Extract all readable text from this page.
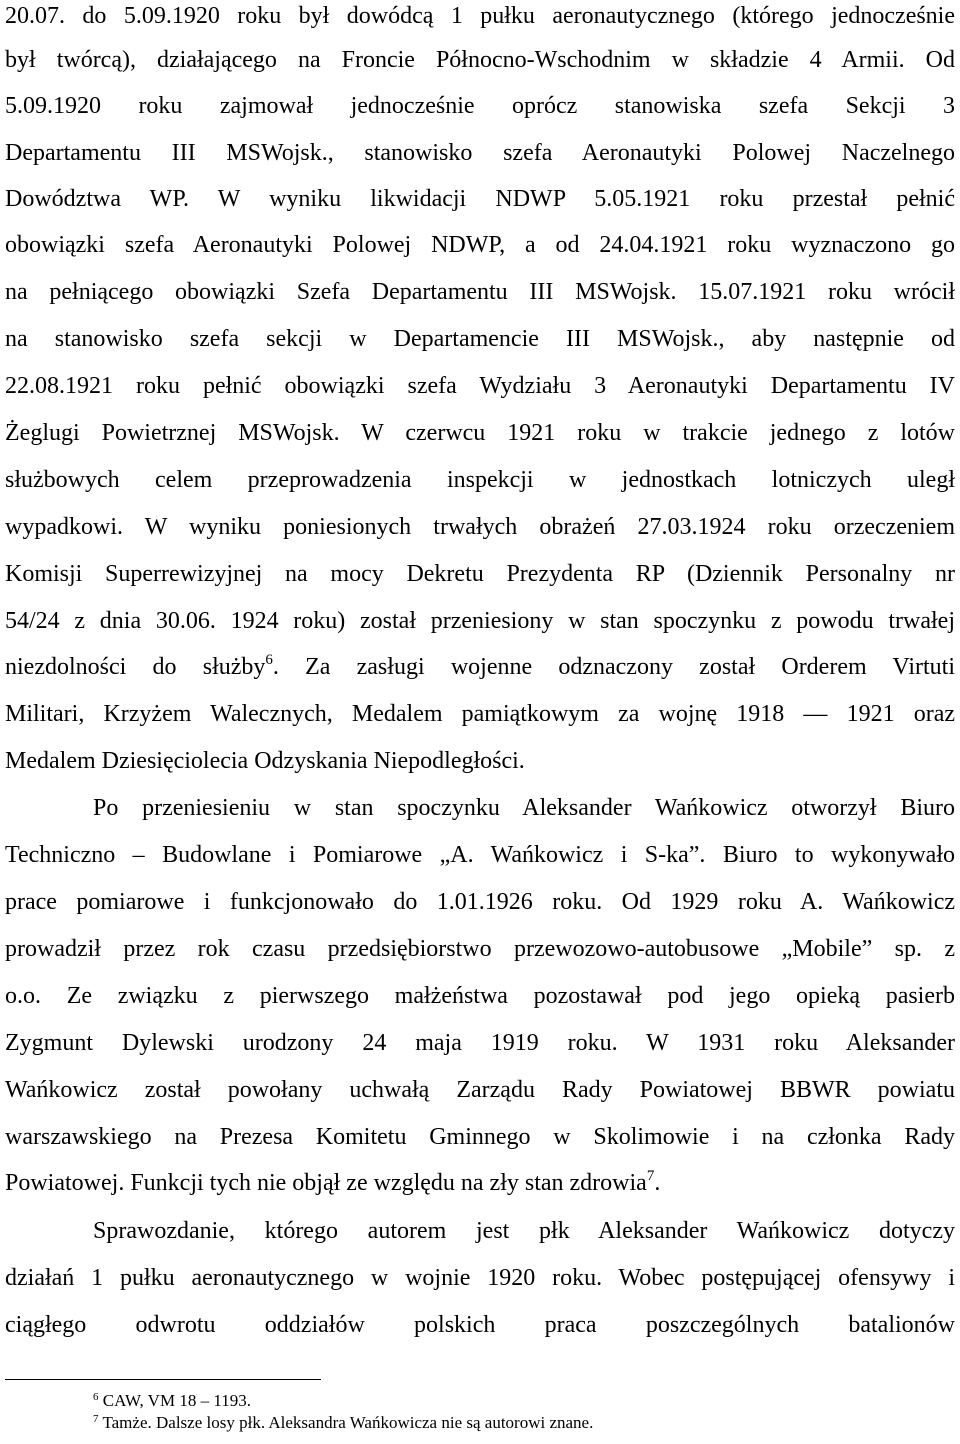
20.07. do 5.09.1920 roku był dowódcą 1 pułku aeronautycznego (którego jednocześnie
był twórcą), działającego na Froncie Północno-Wschodnim w składzie 4 Armii. Od
5.09.1920 roku zajmował jednocześnie oprócz stanowiska szefa Sekcji 3
Departamentu III MSWojsk., stanowisko szefa Aeronautyki Polowej Naczelnego
Dowództwa WP. W wyniku likwidacji NDWP 5.05.1921 roku przestał pełnić
obowiązki szefa Aeronautyki Polowej NDWP, a od 24.04.1921 roku wyznaczono go
na pełniącego obowiązki Szefa Departamentu III MSWojsk. 15.07.1921 roku wrócił
na stanowisko szefa sekcji w Departamencie III MSWojsk., aby następnie od
22.08.1921 roku pełnić obowiązki szefa Wydziału 3 Aeronautyki Departamentu IV
Żeglugi Powietrznej MSWojsk. W czerwcu 1921 roku w trakcie jednego z lotów
służbowych celem przeprowadzenia inspekcji w jednostkach lotniczych uległ
wypadkowi. W wyniku poniesionych trwałych obrażeń 27.03.1924 roku orzeczeniem
Komisji Superrewizyjnej na mocy Dekretu Prezydenta RP (Dziennik Personalny nr
54/24 z dnia 30.06. 1924 roku) został przeniesiony w stan spoczynku z powodu trwałej
niezdolności do służby$^6$. Za zasługi wojenne odznaczony został Orderem Virtuti
Militari, Krzyżem Walecznych, Medalem pamiątkowym za wojnę 1918 — 1921 oraz
Medalem Dziesięciolecia Odzyskania Niepodległości.
Po przeniesieniu w stan spoczynku Aleksander Wańkowicz otworzył Biuro
Techniczno – Budowlane i Pomiarowe „A. Wańkowicz i S-ka”. Biuro to wykonywało
prace pomiarowe i funkcjonowało do 1.01.1926 roku. Od 1929 roku A. Wańkowicz
prowadził przez rok czasu przedsiębiorstwo przewozowo-autobusowe „Mobile” sp. z
o.o. Ze związku z pierwszego małżeństwa pozostawał pod jego opieką pasierb
Zygmunt Dylewski urodzony 24 maja 1919 roku. W 1931 roku Aleksander
Wańkowicz został powołany uchwałą Zarządu Rady Powiatowej BBWR powiatu
warszawskiego na Prezesa Komitetu Gminnego w Skolimowie i na członka Rady
Powiatowej. Funkcji tych nie objął ze względu na zły stan zdrowia$^7$.
Sprawozdanie, którego autorem jest płk Aleksander Wańkowicz dotyczy
działań 1 pułku aeronautycznego w wojnie 1920 roku. Wobec postępującej ofensywy i
ciągłego odwrotu oddziałów polskich praca poszczególnych batalionów
$^6$ CAW, VM 18 – 1193.
$^7$ Tamże. Dalsze losy płk. Aleksandra Wańkowicza nie są autorowi znane.
